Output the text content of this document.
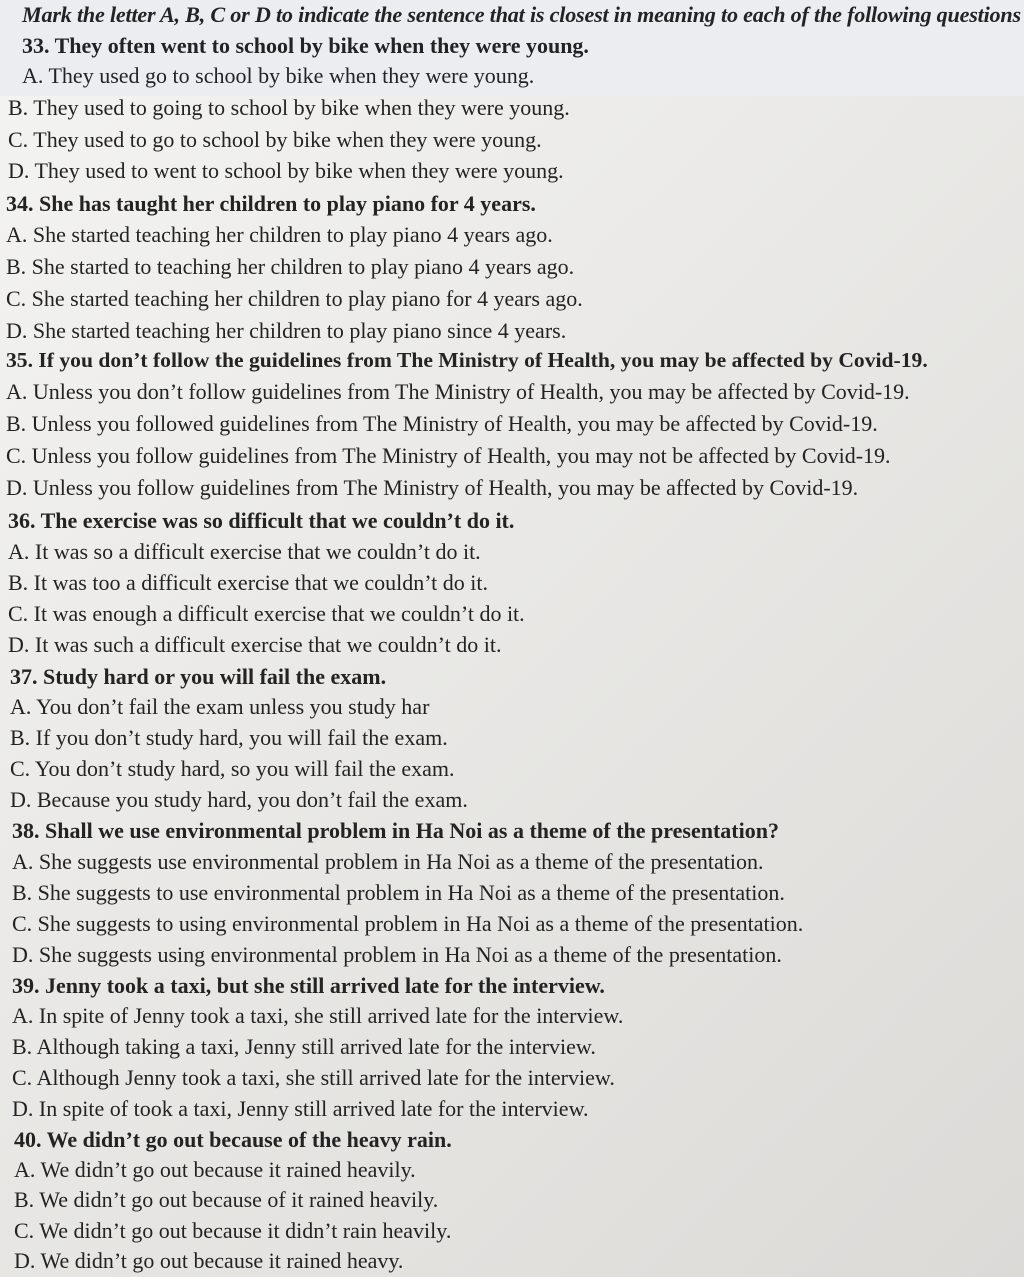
Mark the letter A, B, C or D to indicate the sentence that is closest in meaning to each of the following questions
33. They often went to school by bike when they were young.
A. They used go to school by bike when they were young.
B. They used to going to school by bike when they were young.
C. They used to go to school by bike when they were young.
D. They used to went to school by bike when they were young.
34. She has taught her children to play piano for 4 years.
A. She started teaching her children to play piano 4 years ago.
B. She started to teaching her children to play piano 4 years ago.
C. She started teaching her children to play piano for 4 years ago.
D. She started teaching her children to play piano since 4 years.
35. If you don’t follow the guidelines from The Ministry of Health, you may be affected by Covid-19.
A. Unless you don’t follow guidelines from The Ministry of Health, you may be affected by Covid-19.
B. Unless you followed guidelines from The Ministry of Health, you may be affected by Covid-19.
C. Unless you follow guidelines from The Ministry of Health, you may not be affected by Covid-19.
D. Unless you follow guidelines from The Ministry of Health, you may be affected by Covid-19.
36. The exercise was so difficult that we couldn’t do it.
A. It was so a difficult exercise that we couldn’t do it.
B. It was too a difficult exercise that we couldn’t do it.
C. It was enough a difficult exercise that we couldn’t do it.
D. It was such a difficult exercise that we couldn’t do it.
37. Study hard or you will fail the exam.
A. You don’t fail the exam unless you study har
B. If you don’t study hard, you will fail the exam.
C. You don’t study hard, so you will fail the exam.
D. Because you study hard, you don’t fail the exam.
38. Shall we use environmental problem in Ha Noi as a theme of the presentation?
A. She suggests use environmental problem in Ha Noi as a theme of the presentation.
B. She suggests to use environmental problem in Ha Noi as a theme of the presentation.
C. She suggests to using environmental problem in Ha Noi as a theme of the presentation.
D. She suggests using environmental problem in Ha Noi as a theme of the presentation.
39. Jenny took a taxi, but she still arrived late for the interview.
A. In spite of Jenny took a taxi, she still arrived late for the interview.
B. Although taking a taxi, Jenny still arrived late for the interview.
C. Although Jenny took a taxi, she still arrived late for the interview.
D. In spite of took a taxi, Jenny still arrived late for the interview.
40. We didn’t go out because of the heavy rain.
A. We didn’t go out because it rained heavily.
B. We didn’t go out because of it rained heavily.
C. We didn’t go out because it didn’t rain heavily.
D. We didn’t go out because it rained heavy.
